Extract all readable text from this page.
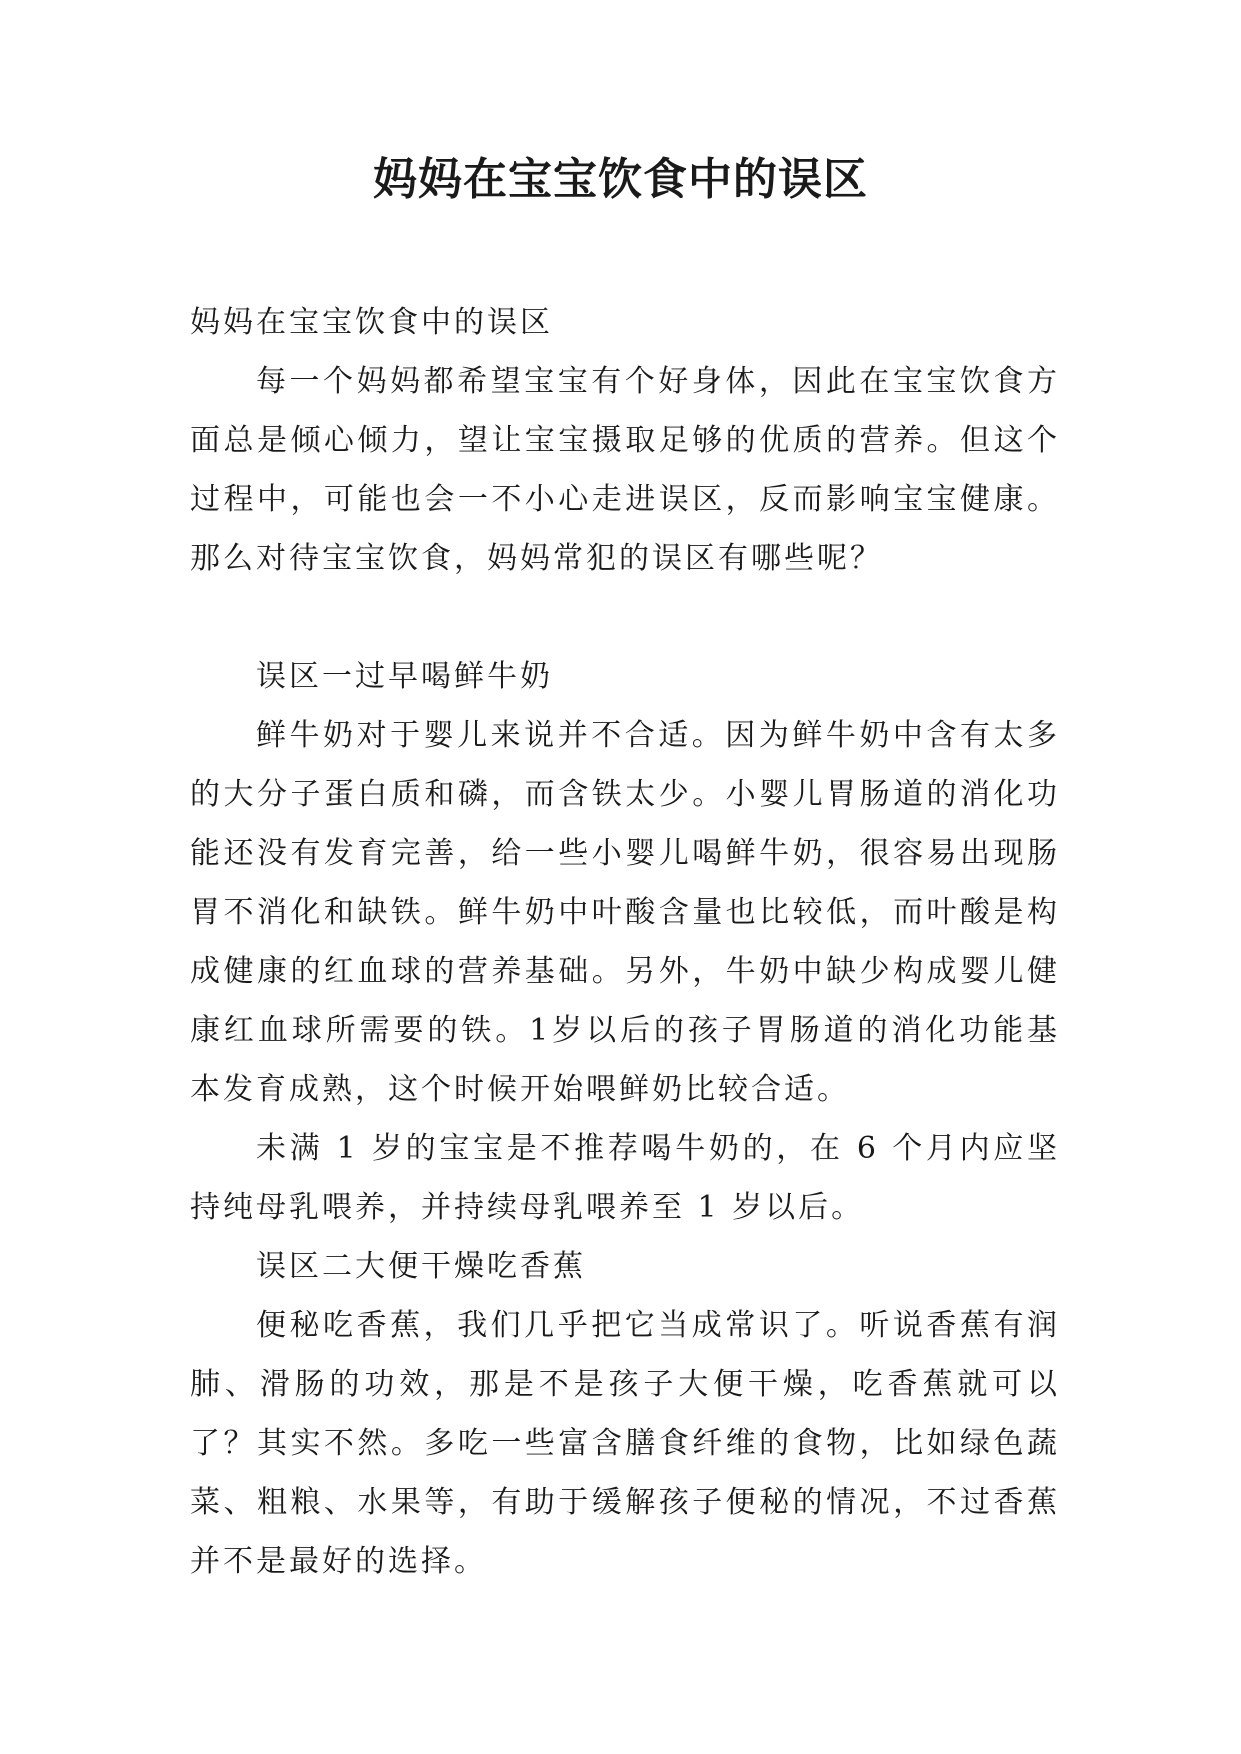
妈妈在宝宝饮食中的误区

妈妈在宝宝饮食中的误区

每一个妈妈都希望宝宝有个好身体，因此在宝宝饮食方面总是倾心倾力，望让宝宝摄取足够的优质的营养。但这个过程中，可能也会一不小心走进误区，反而影响宝宝健康。那么对待宝宝饮食，妈妈常犯的误区有哪些呢？

误区一过早喝鲜牛奶

鲜牛奶对于婴儿来说并不合适。因为鲜牛奶中含有太多的大分子蛋白质和磷，而含铁太少。小婴儿胃肠道的消化功能还没有发育完善，给一些小婴儿喝鲜牛奶，很容易出现肠胃不消化和缺铁。鲜牛奶中叶酸含量也比较低，而叶酸是构成健康的红血球的营养基础。另外，牛奶中缺少构成婴儿健康红血球所需要的铁。1岁以后的孩子胃肠道的消化功能基本发育成熟，这个时候开始喂鲜奶比较合适。

未满 1 岁的宝宝是不推荐喝牛奶的，在 6 个月内应坚持纯母乳喂养，并持续母乳喂养至 1 岁以后。

误区二大便干燥吃香蕉

便秘吃香蕉，我们几乎把它当成常识了。听说香蕉有润肺、滑肠的功效，那是不是孩子大便干燥，吃香蕉就可以了？其实不然。多吃一些富含膳食纤维的食物，比如绿色蔬菜、粗粮、水果等，有助于缓解孩子便秘的情况，不过香蕉并不是最好的选择。
